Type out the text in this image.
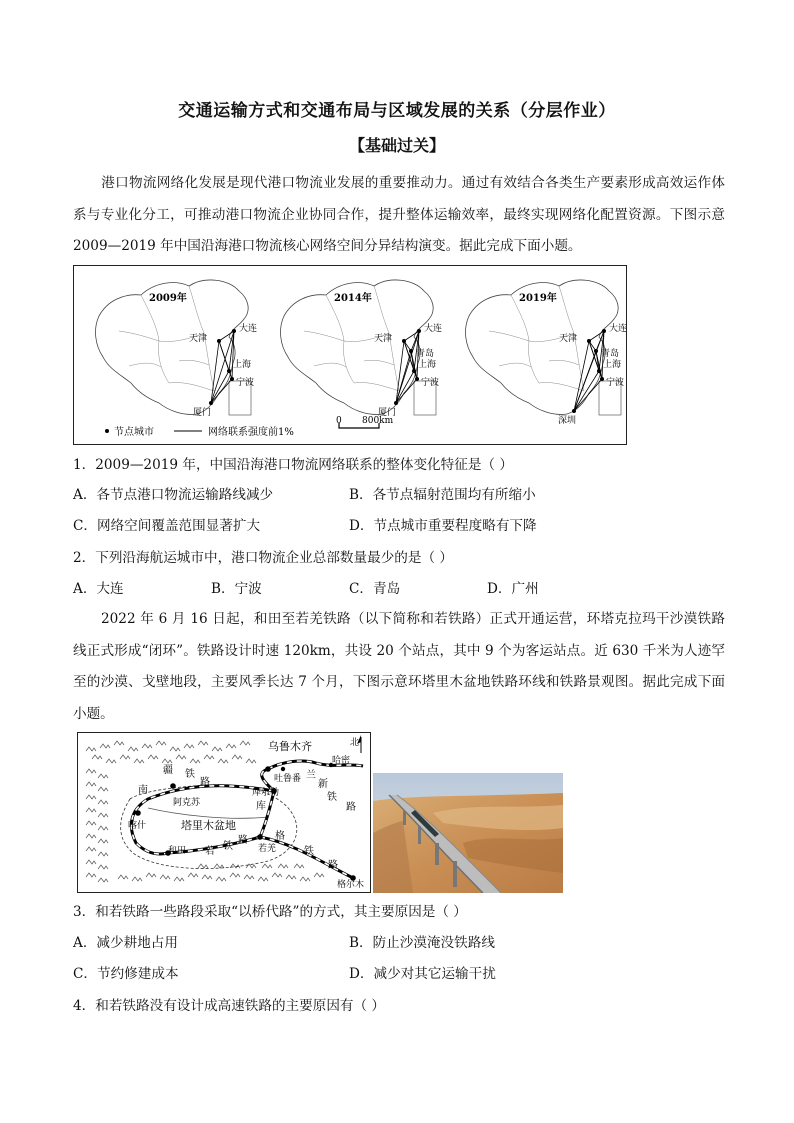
交通运输方式和交通布局与区域发展的关系（分层作业）
【基础过关】
港口物流网络化发展是现代港口物流业发展的重要推动力。通过有效结合各类生产要素形成高效运作体系与专业化分工，可推动港口物流企业协同合作，提升整体运输效率，最终实现网络化配置资源。下图示意 2009—2019 年中国沿海港口物流核心网络空间分异结构演变。据此完成下面小题。
2009年
天津
大连
上海
宁波
厦门
2014年
天津
大连
青岛
上海
宁波
厦门
2019年
天津
大连
青岛
上海
宁波
深圳
节点城市	网络联系强度前1%
0 800km
1．2009—2019 年，中国沿海港口物流网络联系的整体变化特征是（ ）
A．各节点港口物流运输路线减少	B．各节点辐射范围均有所缩小
C．网络空间覆盖范围显著扩大	D．节点城市重要程度略有下降
2．下列沿海航运城市中，港口物流企业总部数量最少的是（ ）
A．大连	B．宁波	C．青岛	D．广州
2022 年 6 月 16 日起，和田至若羌铁路（以下简称和若铁路）正式开通运营，环塔克拉玛干沙漠铁路线正式形成“闭环”。铁路设计时速 120km，共设 20 个站点，其中 9 个为客运站点。近 630 千米为人迹罕至的沙漠、戈壁地段，主要风季长达 7 个月，下图示意环塔里木盆地铁路环线和铁路景观图。据此完成下面小题。
北
乌鲁木齐
哈密
吐鲁番
库尔勒
阿克苏
喀什	塔里木盆地
和田	若羌
格尔木
南
疆 铁
路
兰
新
铁
路
库
格
铁
路
若 铁
路
3．和若铁路一些路段采取“以桥代路”的方式，其主要原因是（ ）
A．减少耕地占用	B．防止沙漠淹没铁路线
C．节约修建成本	D．减少对其它运输干扰
4．和若铁路没有设计成高速铁路的主要原因有（ ）
